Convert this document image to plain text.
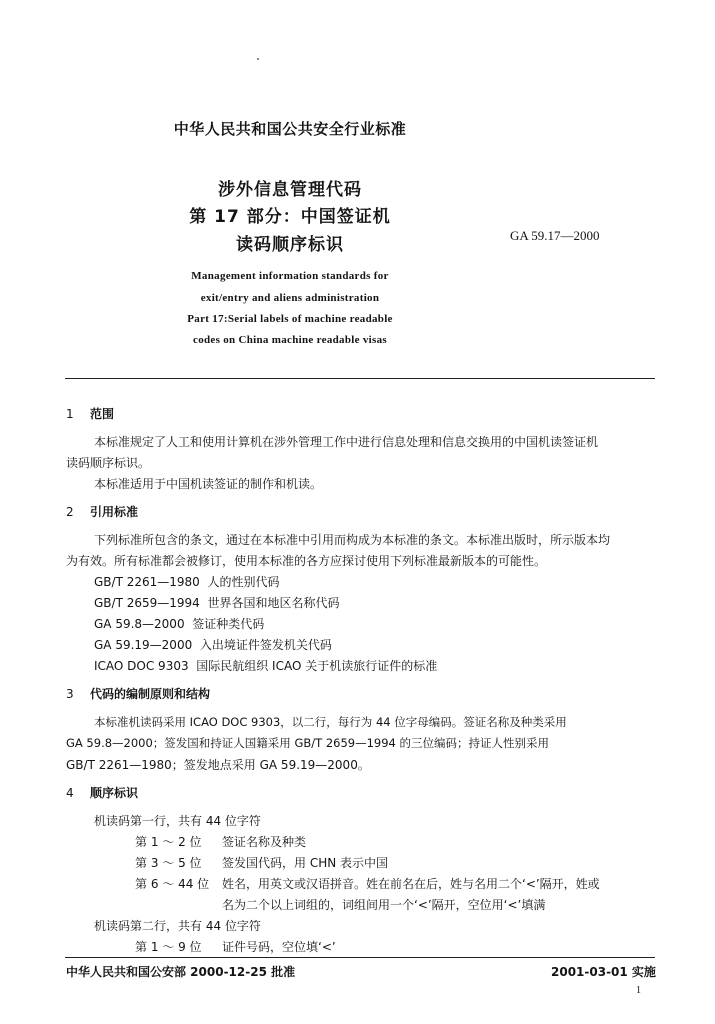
中华人民共和国公共安全行业标准
涉外信息管理代码
第 17 部分：中国签证机
读码顺序标识	GA 59.17—2000
Management information standards for
exit/entry and aliens administration
Part 17:Serial labels of machine readable
codes on China machine readable visas
1 范围
本标准规定了人工和使用计算机在涉外管理工作中进行信息处理和信息交换用的中国机读签证机
读码顺序标识。
本标准适用于中国机读签证的制作和机读。
2 引用标准
下列标准所包含的条文，通过在本标准中引用而构成为本标准的条文。本标准出版时，所示版本均
为有效。所有标准都会被修订，使用本标准的各方应探讨使用下列标准最新版本的可能性。
GB/T 2261—1980 人的性别代码
GB/T 2659—1994 世界各国和地区名称代码
GA 59.8—2000 签证种类代码
GA 59.19—2000 入出境证件签发机关代码
ICAO DOC 9303 国际民航组织 ICAO 关于机读旅行证件的标准
3 代码的编制原则和结构
本标准机读码采用 ICAO DOC 9303，以二行，每行为 44 位字母编码。签证名称及种类采用
GA 59.8—2000；签发国和持证人国籍采用 GB/T 2659—1994 的三位编码；持证人性别采用
GB/T 2261—1980；签发地点采用 GA 59.19—2000。
4 顺序标识
机读码第一行，共有 44 位字符
第 1 ～ 2 位 签证名称及种类
第 3 ～ 5 位 签发国代码，用 CHN 表示中国
第 6 ～ 44 位 姓名，用英文或汉语拼音。姓在前名在后，姓与名用二个‘<’隔开，姓或
名为二个以上词组的，词组间用一个‘<’隔开，空位用‘<’填满
机读码第二行，共有 44 位字符
第 1 ～ 9 位 证件号码，空位填‘<’
中华人民共和国公安部 2000-12-25 批准	2001-03-01 实施
1
